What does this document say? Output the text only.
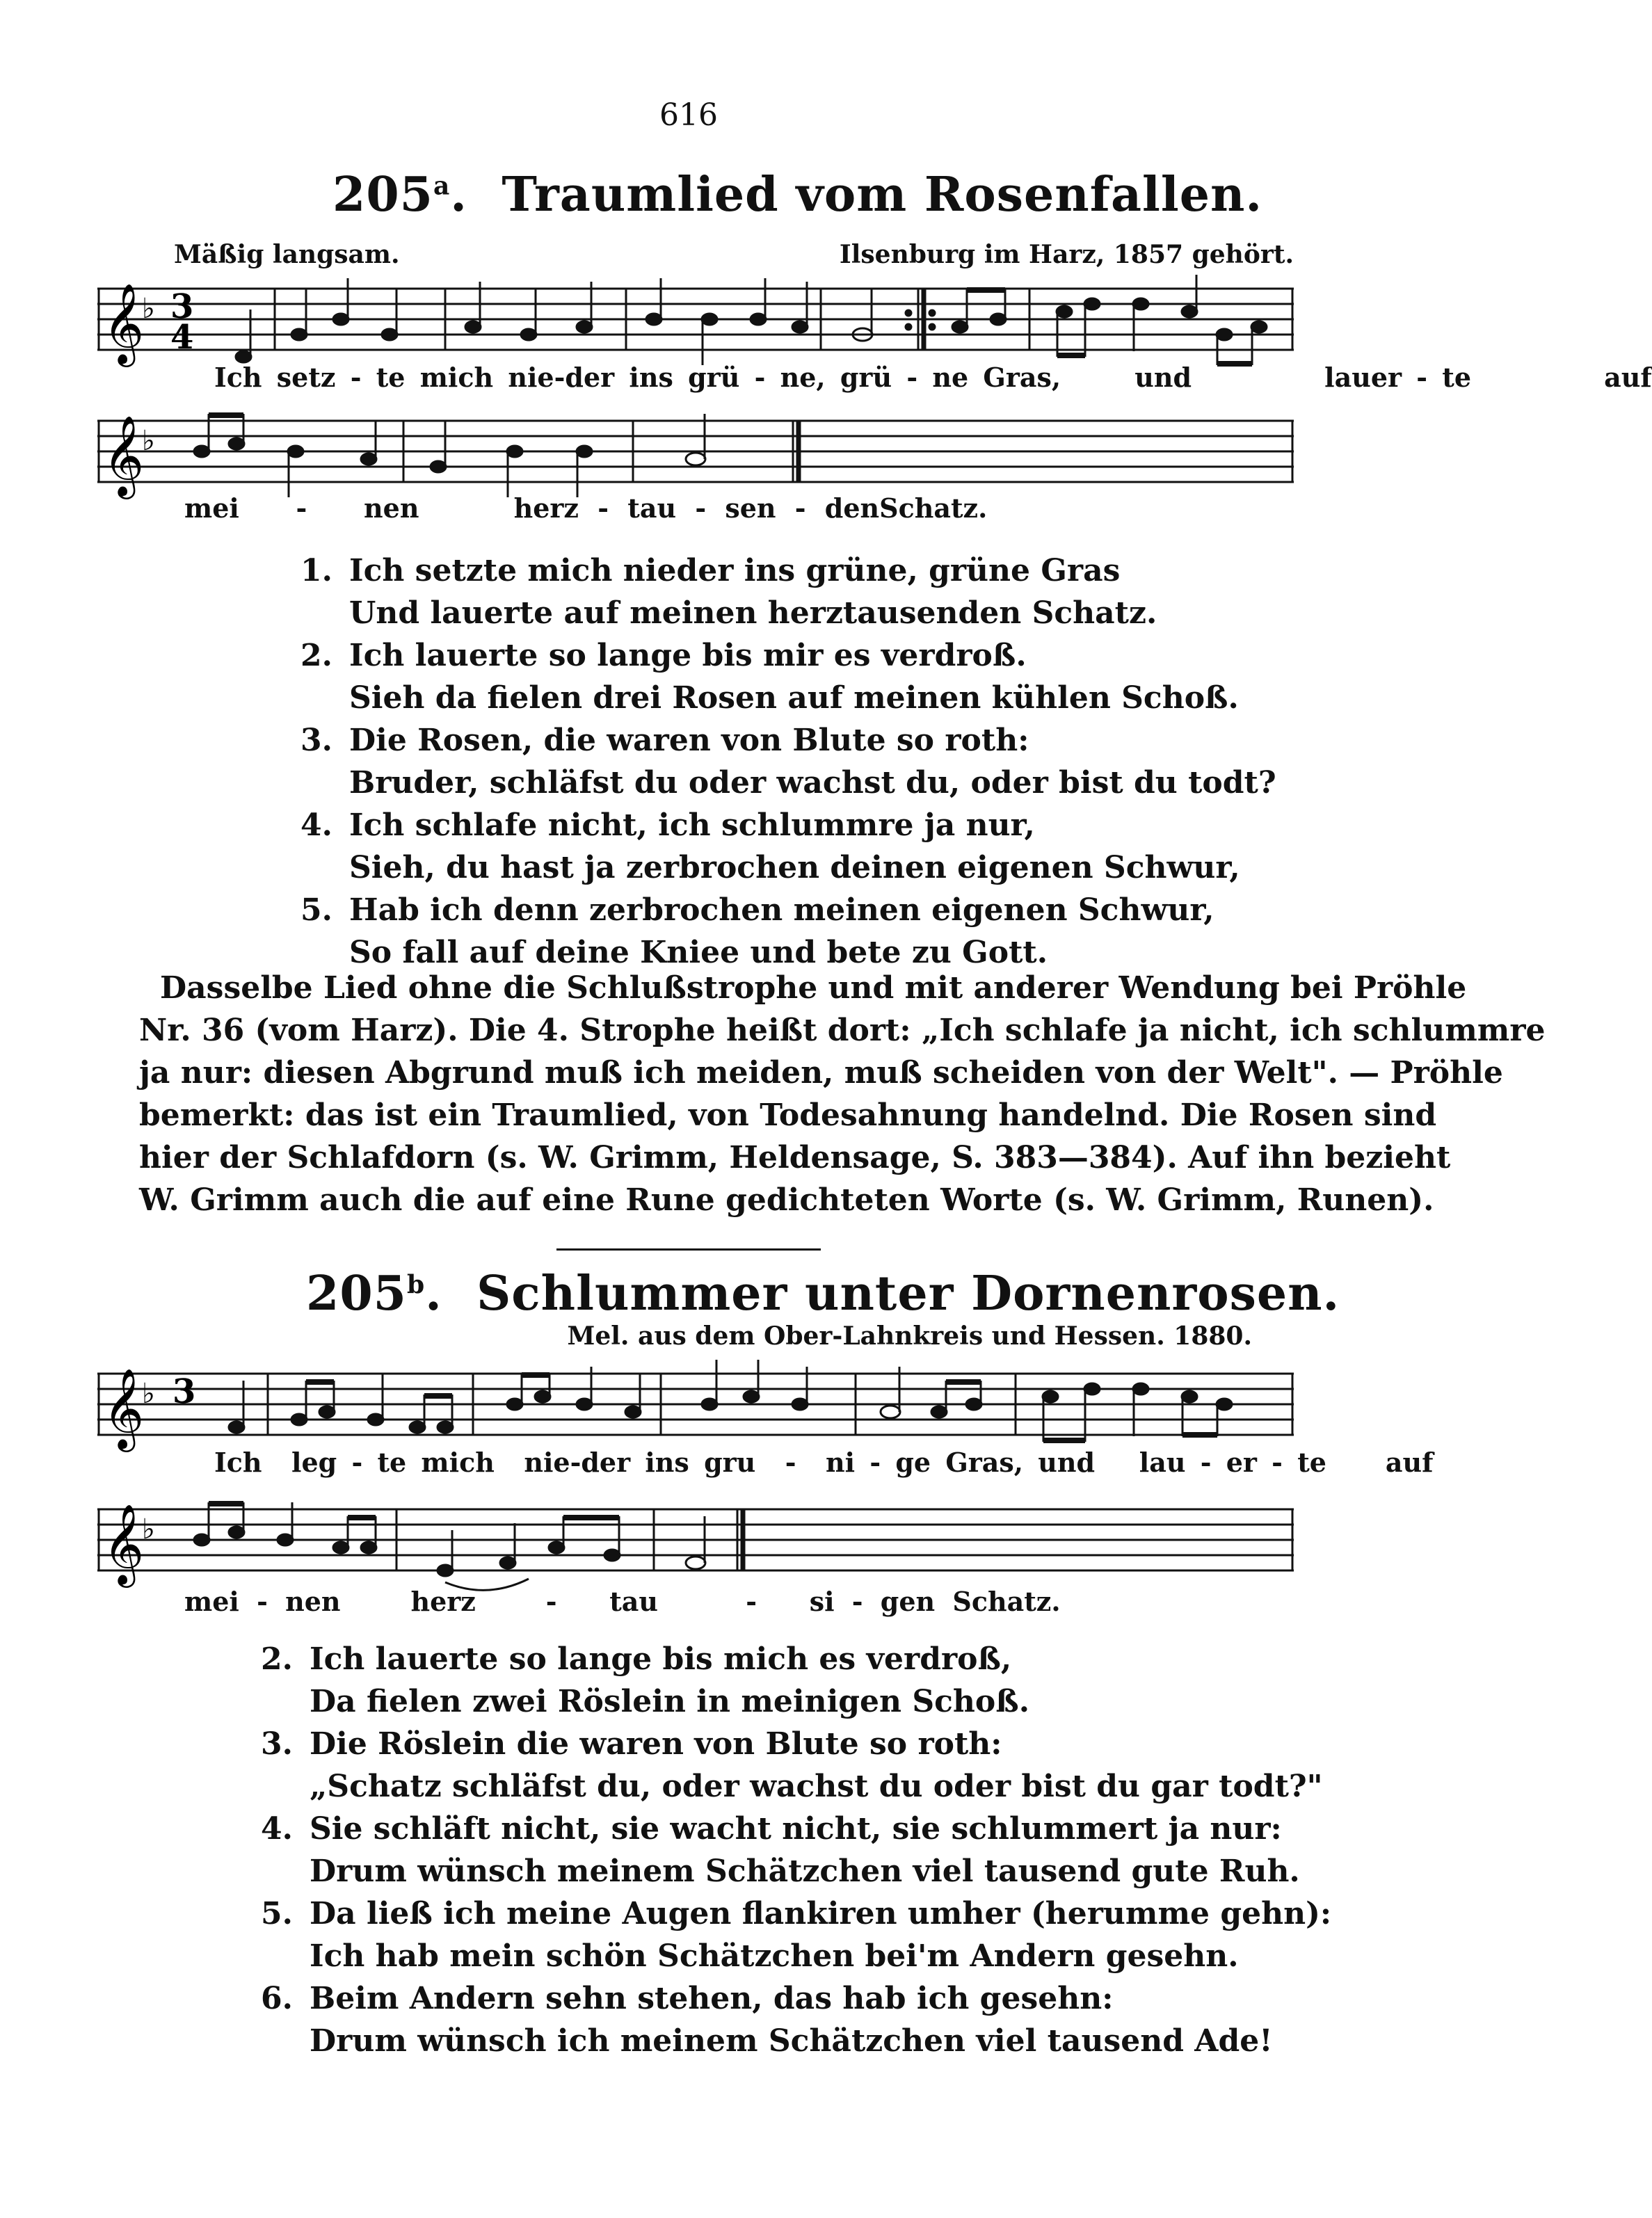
616
205$^a$.  Traumlied vom Rosenfallen.
Mäßig langsam.	Ilsenburg im Harz, 1857 gehört.
𝄞
♭ 3
4
Ich setz - te mich nie-der ins grü - ne, grü - ne Gras,	und	lauer - te	auf
𝄞
♭
mei - nen	herz - tau - sen - denSchatz.
1. Ich setzte mich nieder ins grüne, grüne Gras
Und lauerte auf meinen herztausenden Schatz.
2. Ich lauerte so lange bis mir es verdroß.
Sieh da fielen drei Rosen auf meinen kühlen Schoß.
3. Die Rosen, die waren von Blute so roth:
Bruder, schläfst du oder wachst du, oder bist du todt?
4. Ich schlafe nicht, ich schlummre ja nur,
Sieh, du hast ja zerbrochen deinen eigenen Schwur,
5. Hab ich denn zerbrochen meinen eigenen Schwur,
So fall auf deine Kniee und bete zu Gott.
Dasselbe Lied ohne die Schlußstrophe und mit anderer Wendung bei Pröhle
Nr. 36 (vom Harz). Die 4. Strophe heißt dort: „Ich schlafe ja nicht, ich schlummre
ja nur: diesen Abgrund muß ich meiden, muß scheiden von der Welt". — Pröhle
bemerkt: das ist ein Traumlied, von Todesahnung handelnd. Die Rosen sind
hier der Schlafdorn (s. W. Grimm, Heldensage, S. 383—384). Auf ihn bezieht
W. Grimm auch die auf eine Rune gedichteten Worte (s. W. Grimm, Runen).
205$^b$.  Schlummer unter Dornenrosen.
Mel. aus dem Ober-Lahnkreis und Hessen. 1880.
𝄞
♭ 3
Ich leg - te mich nie-der ins gru - ni - ge Gras, und lau - er - te auf
𝄞
♭
mei - nen	herz	- tau	- si - gen Schatz.
2. Ich lauerte so lange bis mich es verdroß,
Da fielen zwei Röslein in meinigen Schoß.
3. Die Röslein die waren von Blute so roth:
„Schatz schläfst du, oder wachst du oder bist du gar todt?"
4. Sie schläft nicht, sie wacht nicht, sie schlummert ja nur:
Drum wünsch meinem Schätzchen viel tausend gute Ruh.
5. Da ließ ich meine Augen flankiren umher (herumme gehn):
Ich hab mein schön Schätzchen bei'm Andern gesehn.
6. Beim Andern sehn stehen, das hab ich gesehn:
Drum wünsch ich meinem Schätzchen viel tausend Ade!
